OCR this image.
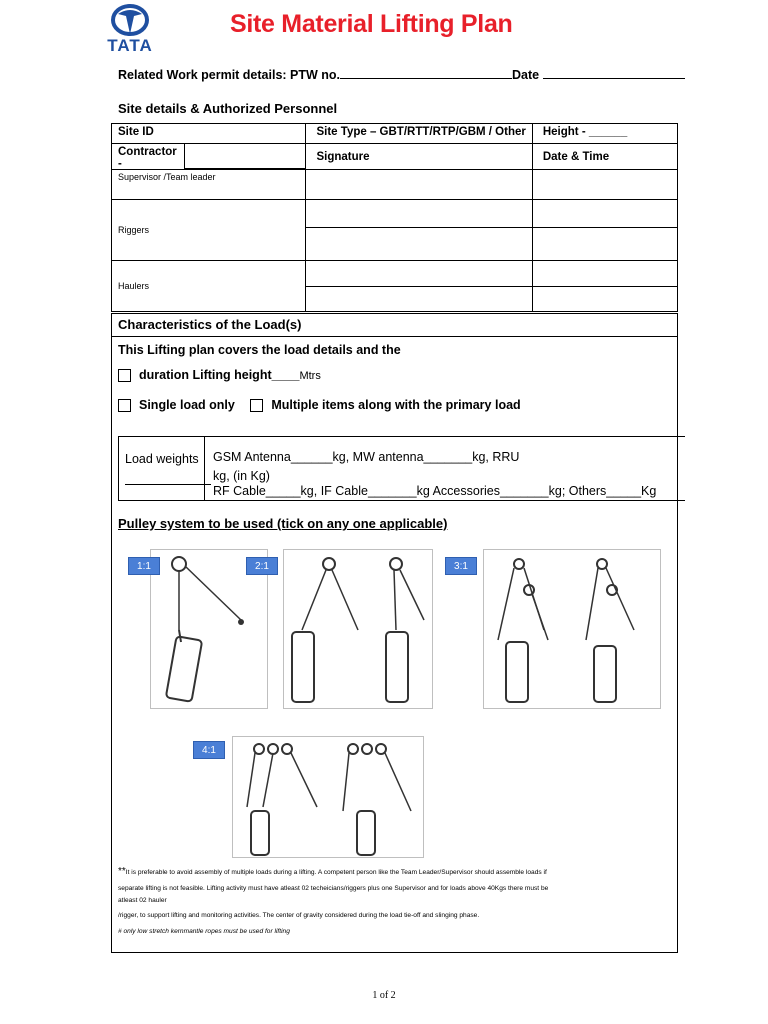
TATA
Site Material Lifting Plan
Related Work permit details: PTW no.	Date
Site details & Authorized Personnel
Site ID	Site Type – GBT/RTT/RTP/GBM / Other	Height - ______

Contractor -	Signature	Date & Time
Supervisor /Team leader		
Riggers		

Haulers		

Characteristics of the Load(s)
This Lifting plan covers the load details and the
duration Lifting height____Mtrs
Single load only	Multiple items along with the primary load
Load weights GSM Antenna______kg, MW antenna_______kg, RRU
kg, (in Kg)
RF Cable_____kg, IF Cable_______kg Accessories_______kg; Others_____Kg
Pulley system to be used (tick on any one applicable)
1:1	2:1	3:1
4:1
**It is preferable to avoid assembly of multiple loads during a lifting. A competent person like the Team Leader/Supervisor should assemble loads if
separate lifting is not feasible. Lifting activity must have atleast 02 techeicians/riggers plus one Supervisor and for loads above 40Kgs there must be
atleast 02 hauler
/rigger, to support lifting and monitoring activities. The center of gravity considered during the load tie-off and slinging phase.
# only low stretch kernmantle ropes must be used for lifting
1 of 2
